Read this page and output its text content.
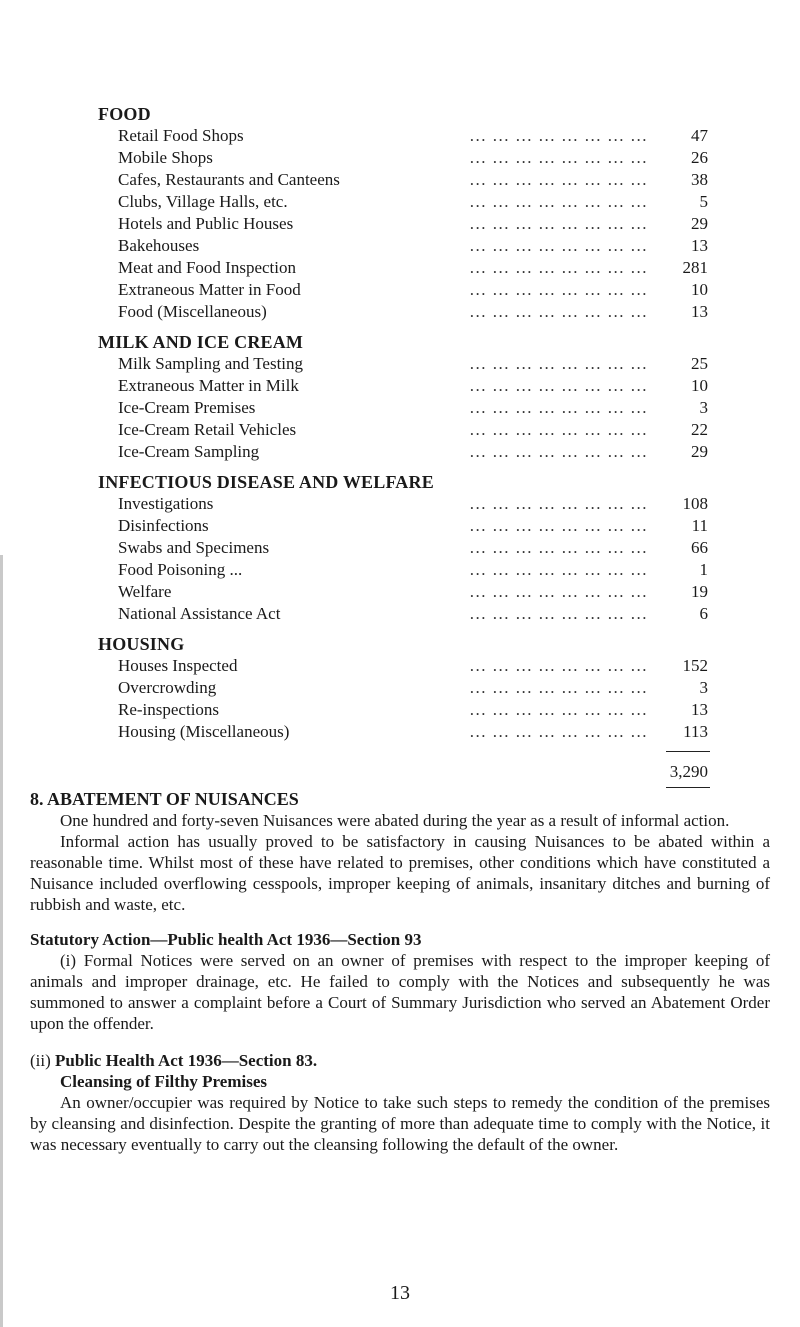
FOOD
Retail Food Shops	... ... ... ... ... ... ... ...	47
Mobile Shops	... ... ... ... ... ... ... ...	26
Cafes, Restaurants and Canteens	... ... ... ... ... ... ... ...	38
Clubs, Village Halls, etc.	... ... ... ... ... ... ... ...	5
Hotels and Public Houses	... ... ... ... ... ... ... ...	29
Bakehouses	... ... ... ... ... ... ... ...	13
Meat and Food Inspection	... ... ... ... ... ... ... ...	281
Extraneous Matter in Food	... ... ... ... ... ... ... ...	10
Food (Miscellaneous)	... ... ... ... ... ... ... ...	13
MILK AND ICE CREAM
Milk Sampling and Testing	... ... ... ... ... ... ... ...	25
Extraneous Matter in Milk	... ... ... ... ... ... ... ...	10
Ice-Cream Premises	... ... ... ... ... ... ... ...	3
Ice-Cream Retail Vehicles	... ... ... ... ... ... ... ...	22
Ice-Cream Sampling	... ... ... ... ... ... ... ...	29
INFECTIOUS DISEASE AND WELFARE
Investigations	... ... ... ... ... ... ... ...	108
Disinfections	... ... ... ... ... ... ... ...	11
Swabs and Specimens	... ... ... ... ... ... ... ...	66
Food Poisoning ...	... ... ... ... ... ... ... ...	1
Welfare	... ... ... ... ... ... ... ...	19
National Assistance Act	... ... ... ... ... ... ... ...	6
HOUSING
Houses Inspected	... ... ... ... ... ... ... ...	152
Overcrowding	... ... ... ... ... ... ... ...	3
Re-inspections	... ... ... ... ... ... ... ...	13
Housing (Miscellaneous)	... ... ... ... ... ... ... ...	113
3,290
8. ABATEMENT OF NUISANCES

One hundred and forty-seven Nuisances were abated during the year as a result of informal action.

Informal action has usually proved to be satisfactory in causing Nuisances to be abated within a reasonable time. Whilst most of these have related to premises, other conditions which have constituted a Nuisance included overflowing cesspools, improper keeping of animals, insanitary ditches and burning of rubbish and waste, etc.

Statutory Action—Public health Act 1936—Section 93

(i) Formal Notices were served on an owner of premises with respect to the improper keeping of animals and improper drainage, etc. He failed to comply with the Notices and subsequently he was summoned to answer a complaint before a Court of Summary Jurisdiction who served an Abatement Order upon the offender.

(ii) Public Health Act 1936—Section 83.
Cleansing of Filthy Premises

An owner/occupier was required by Notice to take such steps to remedy the condition of the premises by cleansing and disinfection. Despite the granting of more than adequate time to comply with the Notice, it was necessary eventually to carry out the cleansing following the default of the owner.

13
